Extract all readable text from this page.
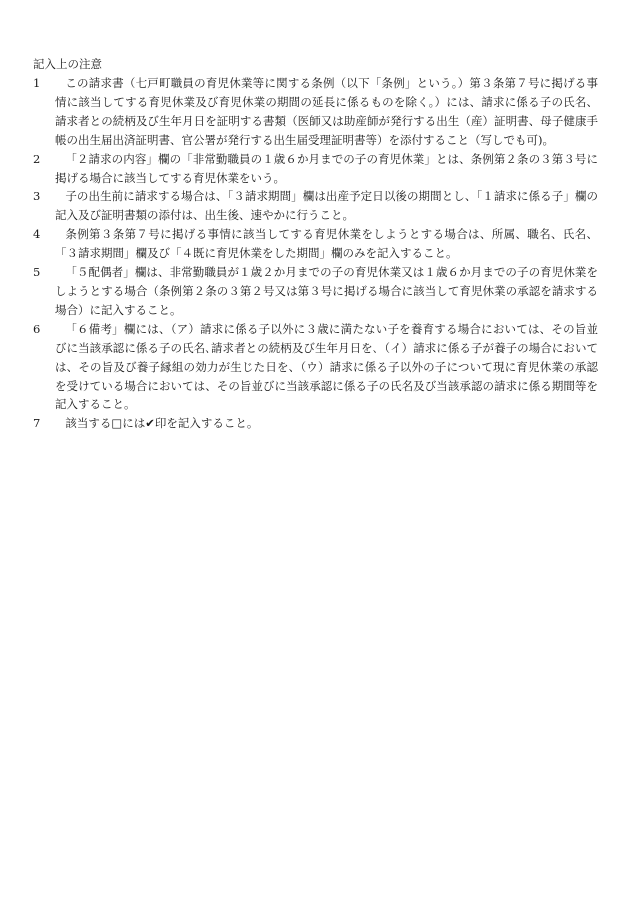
記入上の注意

1	この請求書（七戸町職員の育児休業等に関する条例（以下「条例」という。）第３条第７号に掲げる事情に該当してする育児休業及び育児休業の期間の延長に係るものを除く。）には、請求に係る子の氏名、請求者との続柄及び生年月日を証明する書類（医師又は助産師が発行する出生（産）証明書、母子健康手帳の出生届出済証明書、官公署が発行する出生届受理証明書等）を添付すること（写しでも可)。
2	「２請求の内容」欄の「非常勤職員の１歳６か月までの子の育児休業」とは、条例第２条の３第３号に掲げる場合に該当してする育児休業をいう。
3	子の出生前に請求する場合は、「３請求期間」欄は出産予定日以後の期間とし、「１請求に係る子」欄の記入及び証明書類の添付は、出生後、速やかに行うこと。
4	条例第３条第７号に掲げる事情に該当してする育児休業をしようとする場合は、所属、職名、氏名、「３請求期間」欄及び「４既に育児休業をした期間」欄のみを記入すること。
5	「５配偶者」欄は、非常勤職員が１歳２か月までの子の育児休業又は１歳６か月までの子の育児休業をしようとする場合（条例第２条の３第２号又は第３号に掲げる場合に該当して育児休業の承認を請求する場合）に記入すること。
6	「６備考」欄には、（ア）請求に係る子以外に３歳に満たない子を養育する場合においては、その旨並びに当該承認に係る子の氏名､請求者との続柄及び生年月日を､（イ）請求に係る子が養子の場合においては、その旨及び養子縁組の効力が生じた日を、（ウ）請求に係る子以外の子について現に育児休業の承認を受けている場合においては、その旨並びに当該承認に係る子の氏名及び当該承認の請求に係る期間等を記入すること。
7	該当する□には✔印を記入すること。
